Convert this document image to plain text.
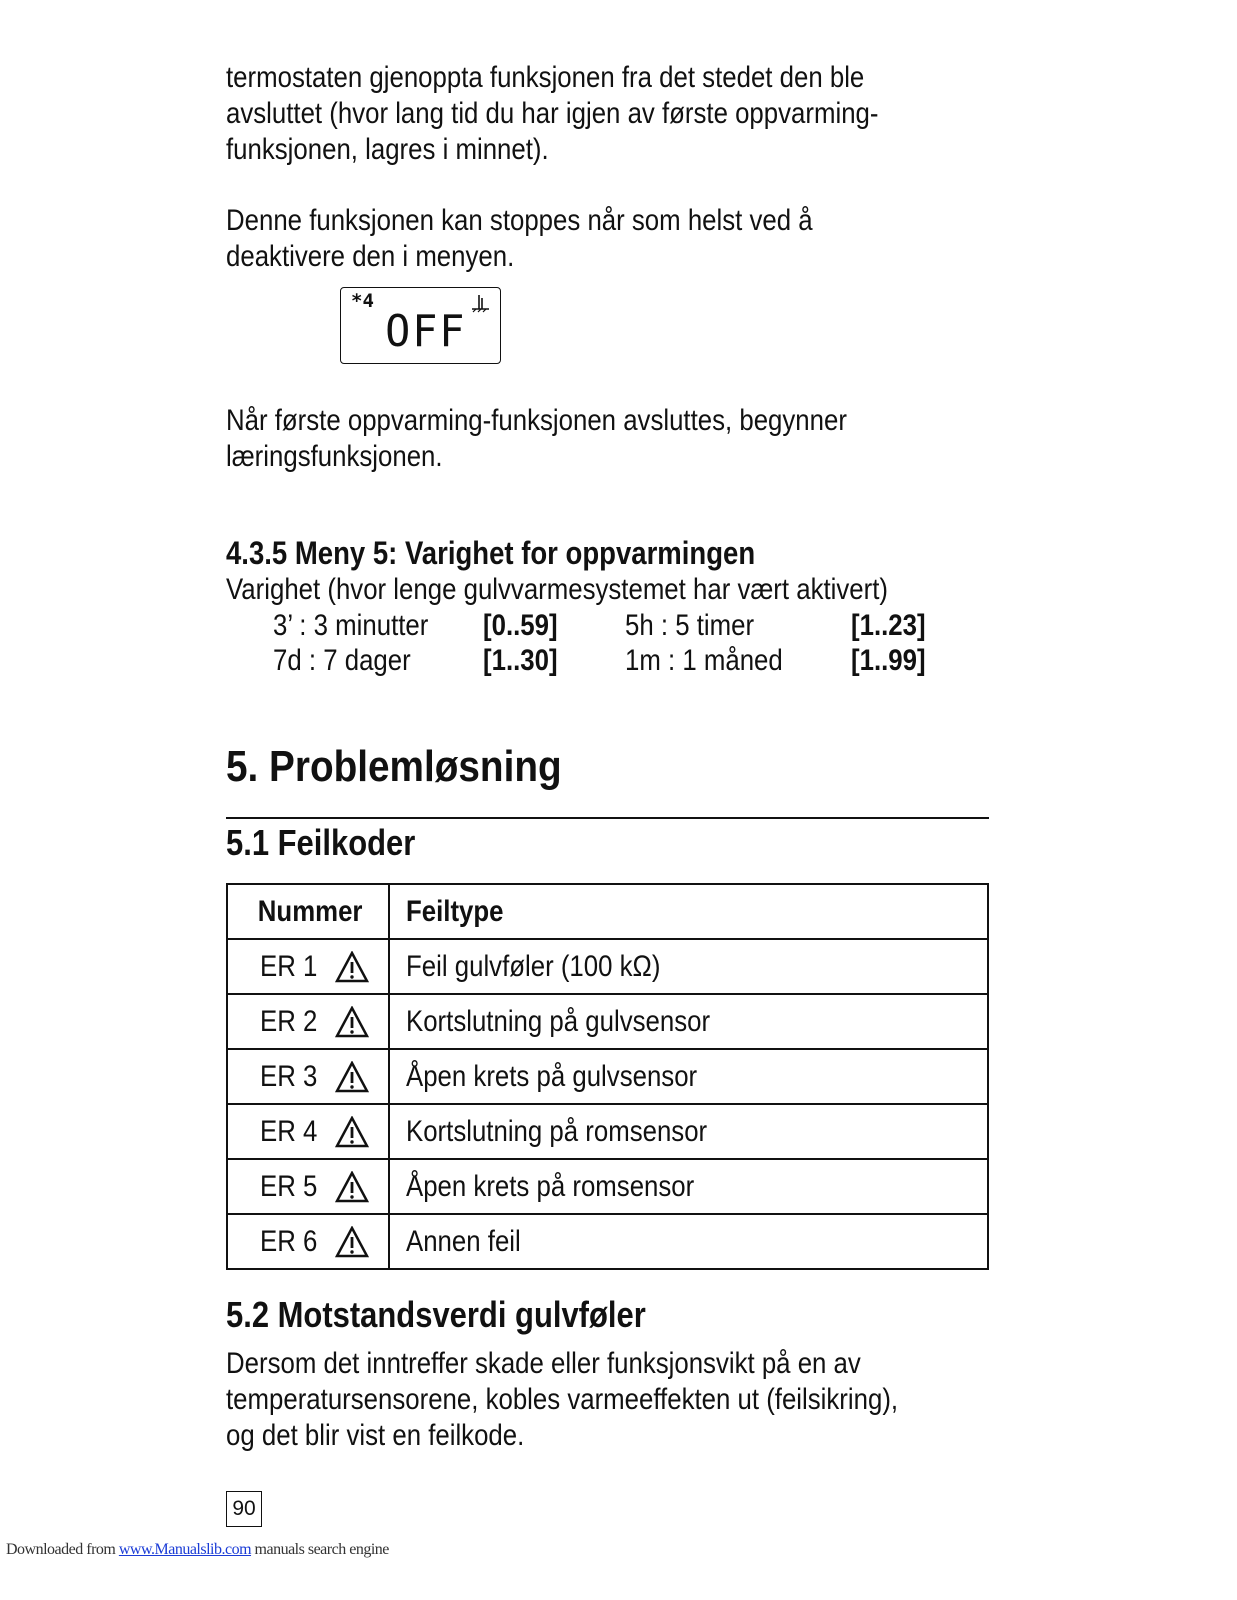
termostaten gjenoppta funksjonen fra det stedet den ble
avsluttet (hvor lang tid du har igjen av første oppvarming-
funksjonen, lagres i minnet).

Denne funksjonen kan stoppes når som helst ved å
deaktivere den i menyen.

*4
OFF

Når første oppvarming-funksjonen avsluttes, begynner
læringsfunksjonen.

4.3.5 Meny 5: Varighet for oppvarmingen

Varighet (hvor lenge gulvvarmesystemet har vært aktivert)

3’ : 3 minutter [0..59] 5h : 5 timer	[1..23]
7d : 7 dager [1..30] 1m : 1 måned [1..99]
5. Problemløsning
5.1 Feilkoder
Nummer	Feiltype

ER 1	Feil gulvføler (100 kΩ)

ER 2	Kortslutning på gulvsensor

ER 3	Åpen krets på gulvsensor

ER 4	Kortslutning på romsensor

ER 5	Åpen krets på romsensor

ER 6	Annen feil
5.2 Motstandsverdi gulvføler

Dersom det inntreffer skade eller funksjonsvikt på en av
temperatursensorene, kobles varmeeffekten ut (feilsikring),
og det blir vist en feilkode.

90
Downloaded from www.Manualslib.com manuals search engine
